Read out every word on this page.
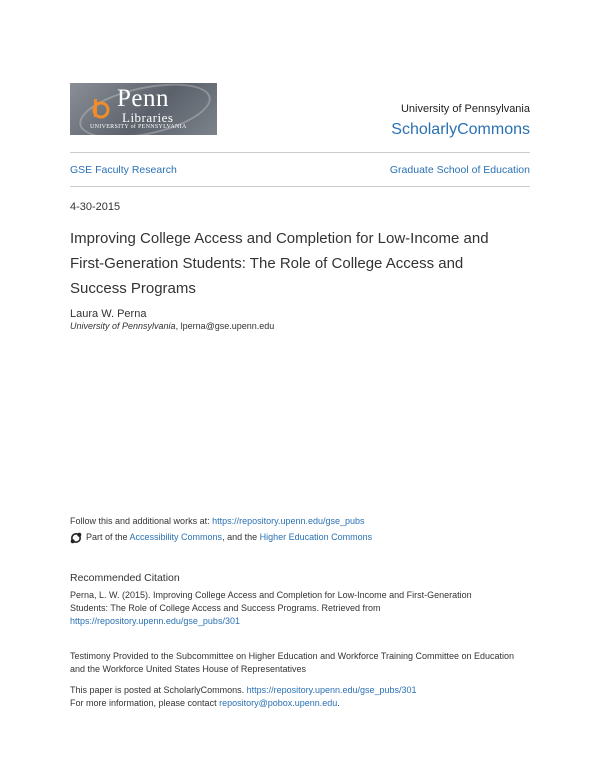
Penn
Libraries
UNIVERSITY of PENNSYLVANIA
University of Pennsylvania
ScholarlyCommons
GSE Faculty Research	Graduate School of Education
4-30-2015
Improving College Access and Completion for Low-Income and
First-Generation Students: The Role of College Access and
Success Programs
Laura W. Perna
University of Pennsylvania, lperna@gse.upenn.edu
Follow this and additional works at: https://repository.upenn.edu/gse_pubs
Part of the Accessibility Commons, and the Higher Education Commons
Recommended Citation
Perna, L. W. (2015). Improving College Access and Completion for Low-Income and First-Generation
Students: The Role of College Access and Success Programs. Retrieved from
https://repository.upenn.edu/gse_pubs/301
Testimony Provided to the Subcommittee on Higher Education and Workforce Training Committee on Education
and the Workforce United States House of Representatives
This paper is posted at ScholarlyCommons. https://repository.upenn.edu/gse_pubs/301
For more information, please contact repository@pobox.upenn.edu.
